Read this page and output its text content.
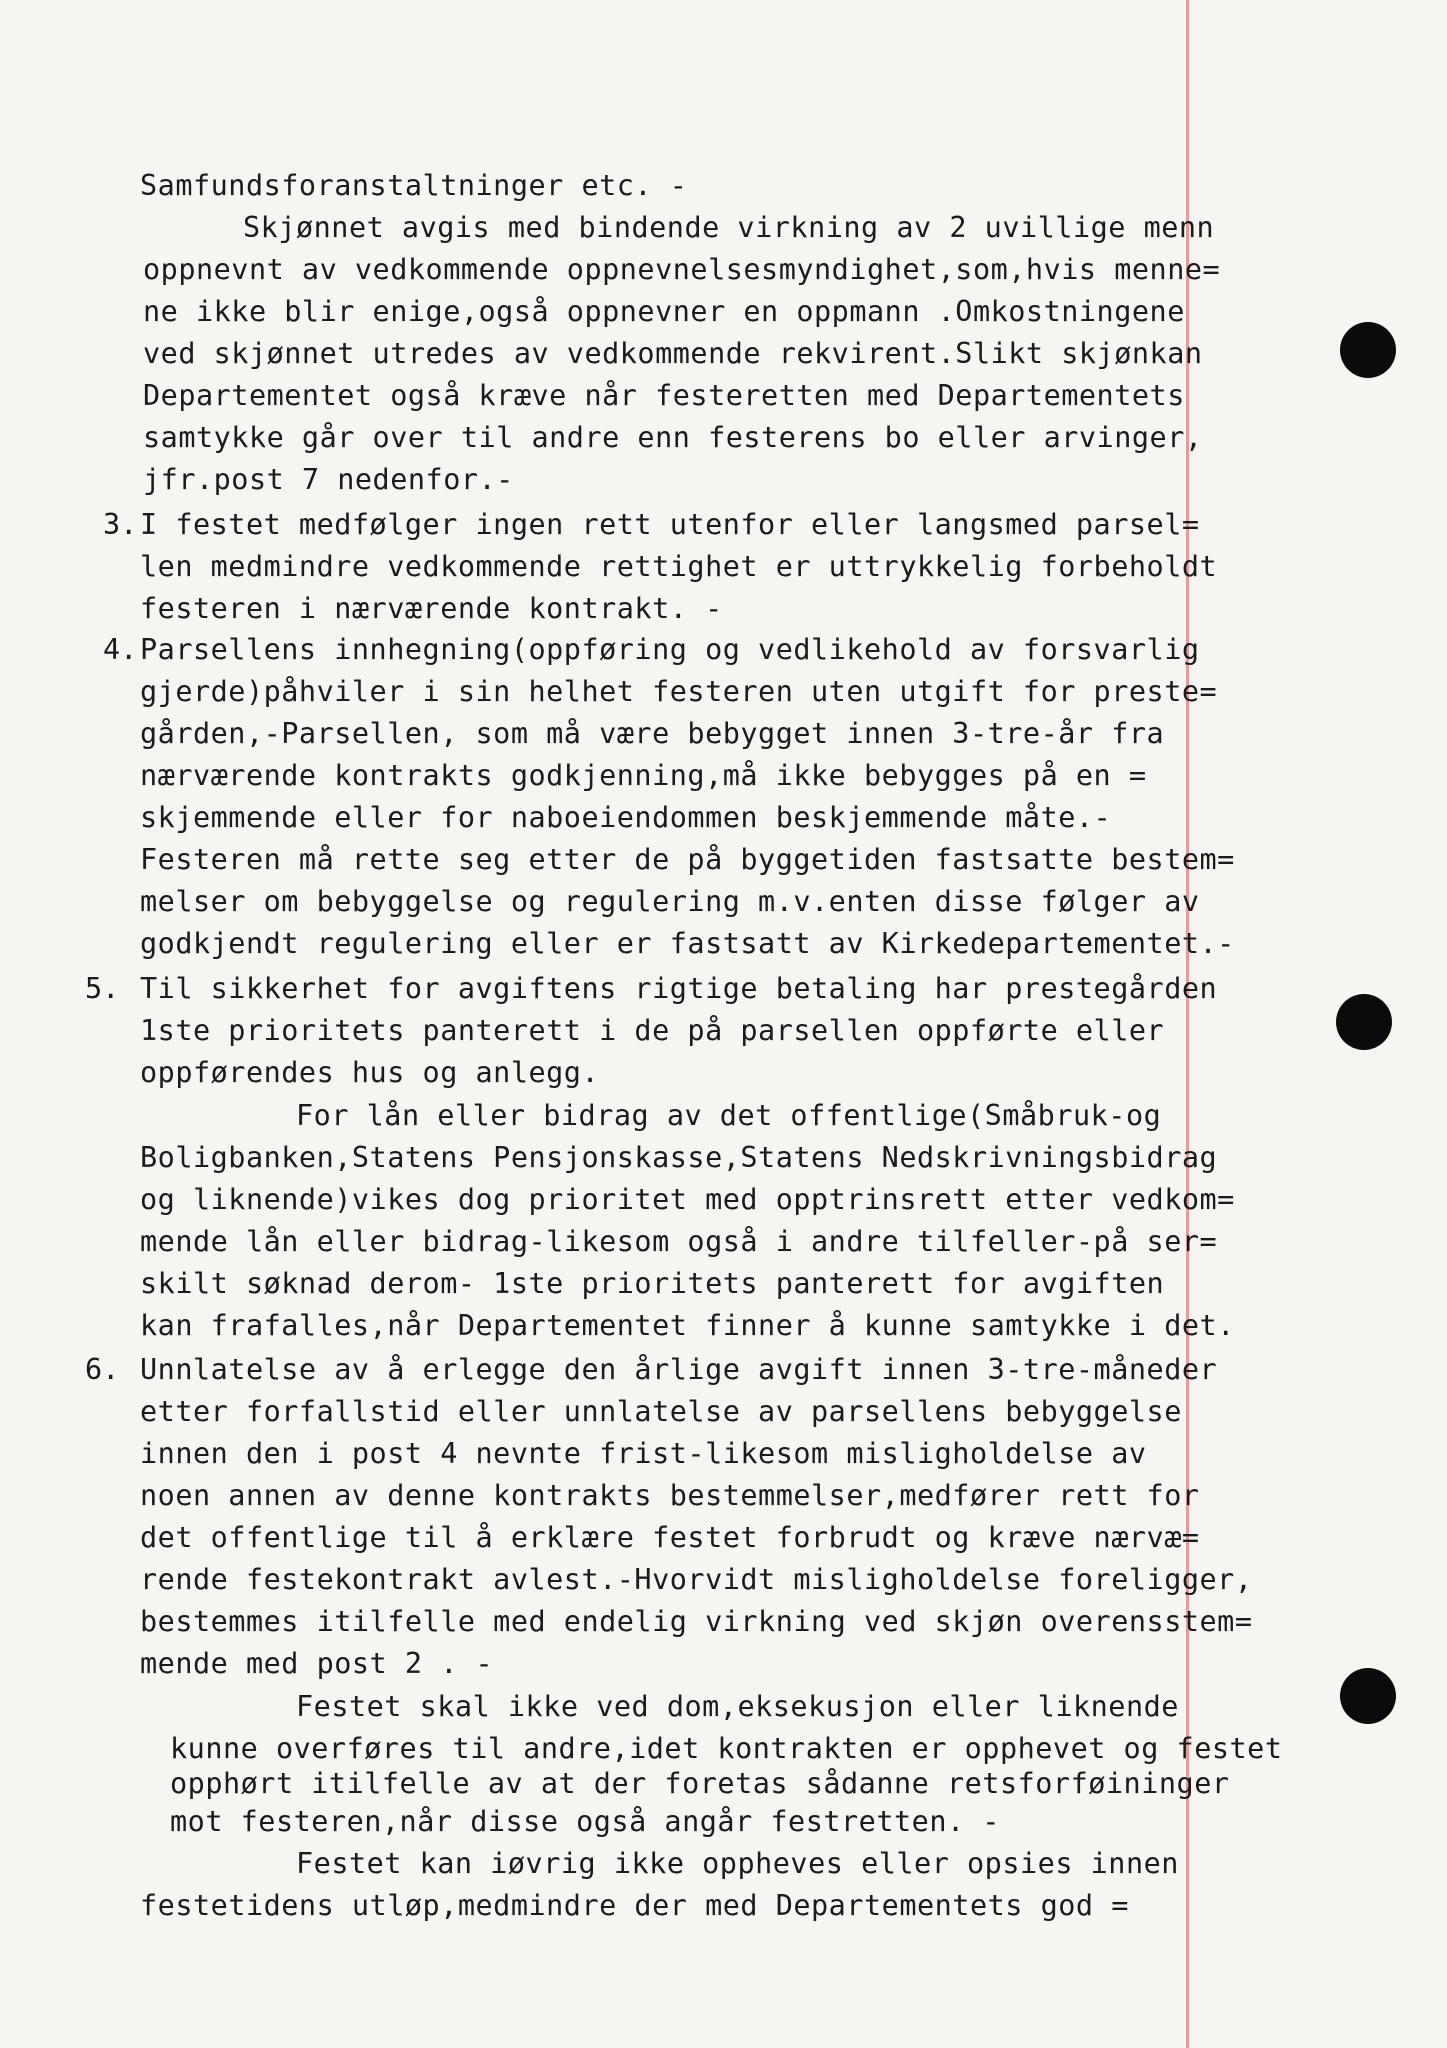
Samfundsforanstaltninger etc. -
Skjønnet avgis med bindende virkning av 2 uvillige menn
oppnevnt av vedkommende oppnevnelsesmyndighet,som,hvis menne=
ne ikke blir enige,også oppnevner en oppmann .Omkostningene
ved skjønnet utredes av vedkommende rekvirent.Slikt skjønkan
Departementet også kræve når festeretten med Departementets
samtykke går over til andre enn festerens bo eller arvinger,
jfr.post 7 nedenfor.-
3. I festet medfølger ingen rett utenfor eller langsmed parsel=
len medmindre vedkommende rettighet er uttrykkelig forbeholdt
festeren i nærværende kontrakt. -
4. Parsellens innhegning(oppføring og vedlikehold av forsvarlig
gjerde)påhviler i sin helhet festeren uten utgift for preste=
gården,-Parsellen, som må være bebygget innen 3-tre-år fra
nærværende kontrakts godkjenning,må ikke bebygges på en =
skjemmende eller for naboeiendommen beskjemmende måte.-
Festeren må rette seg etter de på byggetiden fastsatte bestem=
melser om bebyggelse og regulering m.v.enten disse følger av
godkjendt regulering eller er fastsatt av Kirkedepartementet.-
5. Til sikkerhet for avgiftens rigtige betaling har prestegården
1ste prioritets panterett i de på parsellen oppførte eller
oppførendes hus og anlegg.
For lån eller bidrag av det offentlige(Småbruk-og
Boligbanken,Statens Pensjonskasse,Statens Nedskrivningsbidrag
og liknende)vikes dog prioritet med opptrinsrett etter vedkom=
mende lån eller bidrag-likesom også i andre tilfeller-på ser=
skilt søknad derom- 1ste prioritets panterett for avgiften
kan frafalles,når Departementet finner å kunne samtykke i det.
6. Unnlatelse av å erlegge den årlige avgift innen 3-tre-måneder
etter forfallstid eller unnlatelse av parsellens bebyggelse
innen den i post 4 nevnte frist-likesom misligholdelse av
noen annen av denne kontrakts bestemmelser,medfører rett for
det offentlige til å erklære festet forbrudt og kræve nærvæ=
rende festekontrakt avlest.-Hvorvidt misligholdelse foreligger,
bestemmes itilfelle med endelig virkning ved skjøn overensstem=
mende med post 2 . -
Festet skal ikke ved dom,eksekusjon eller liknende
kunne overføres til andre,idet kontrakten er opphevet og festet
opphørt itilfelle av at der foretas sådanne retsforføininger
mot festeren,når disse også angår festretten. -
Festet kan iøvrig ikke oppheves eller opsies innen
festetidens utløp,medmindre der med Departementets god =
